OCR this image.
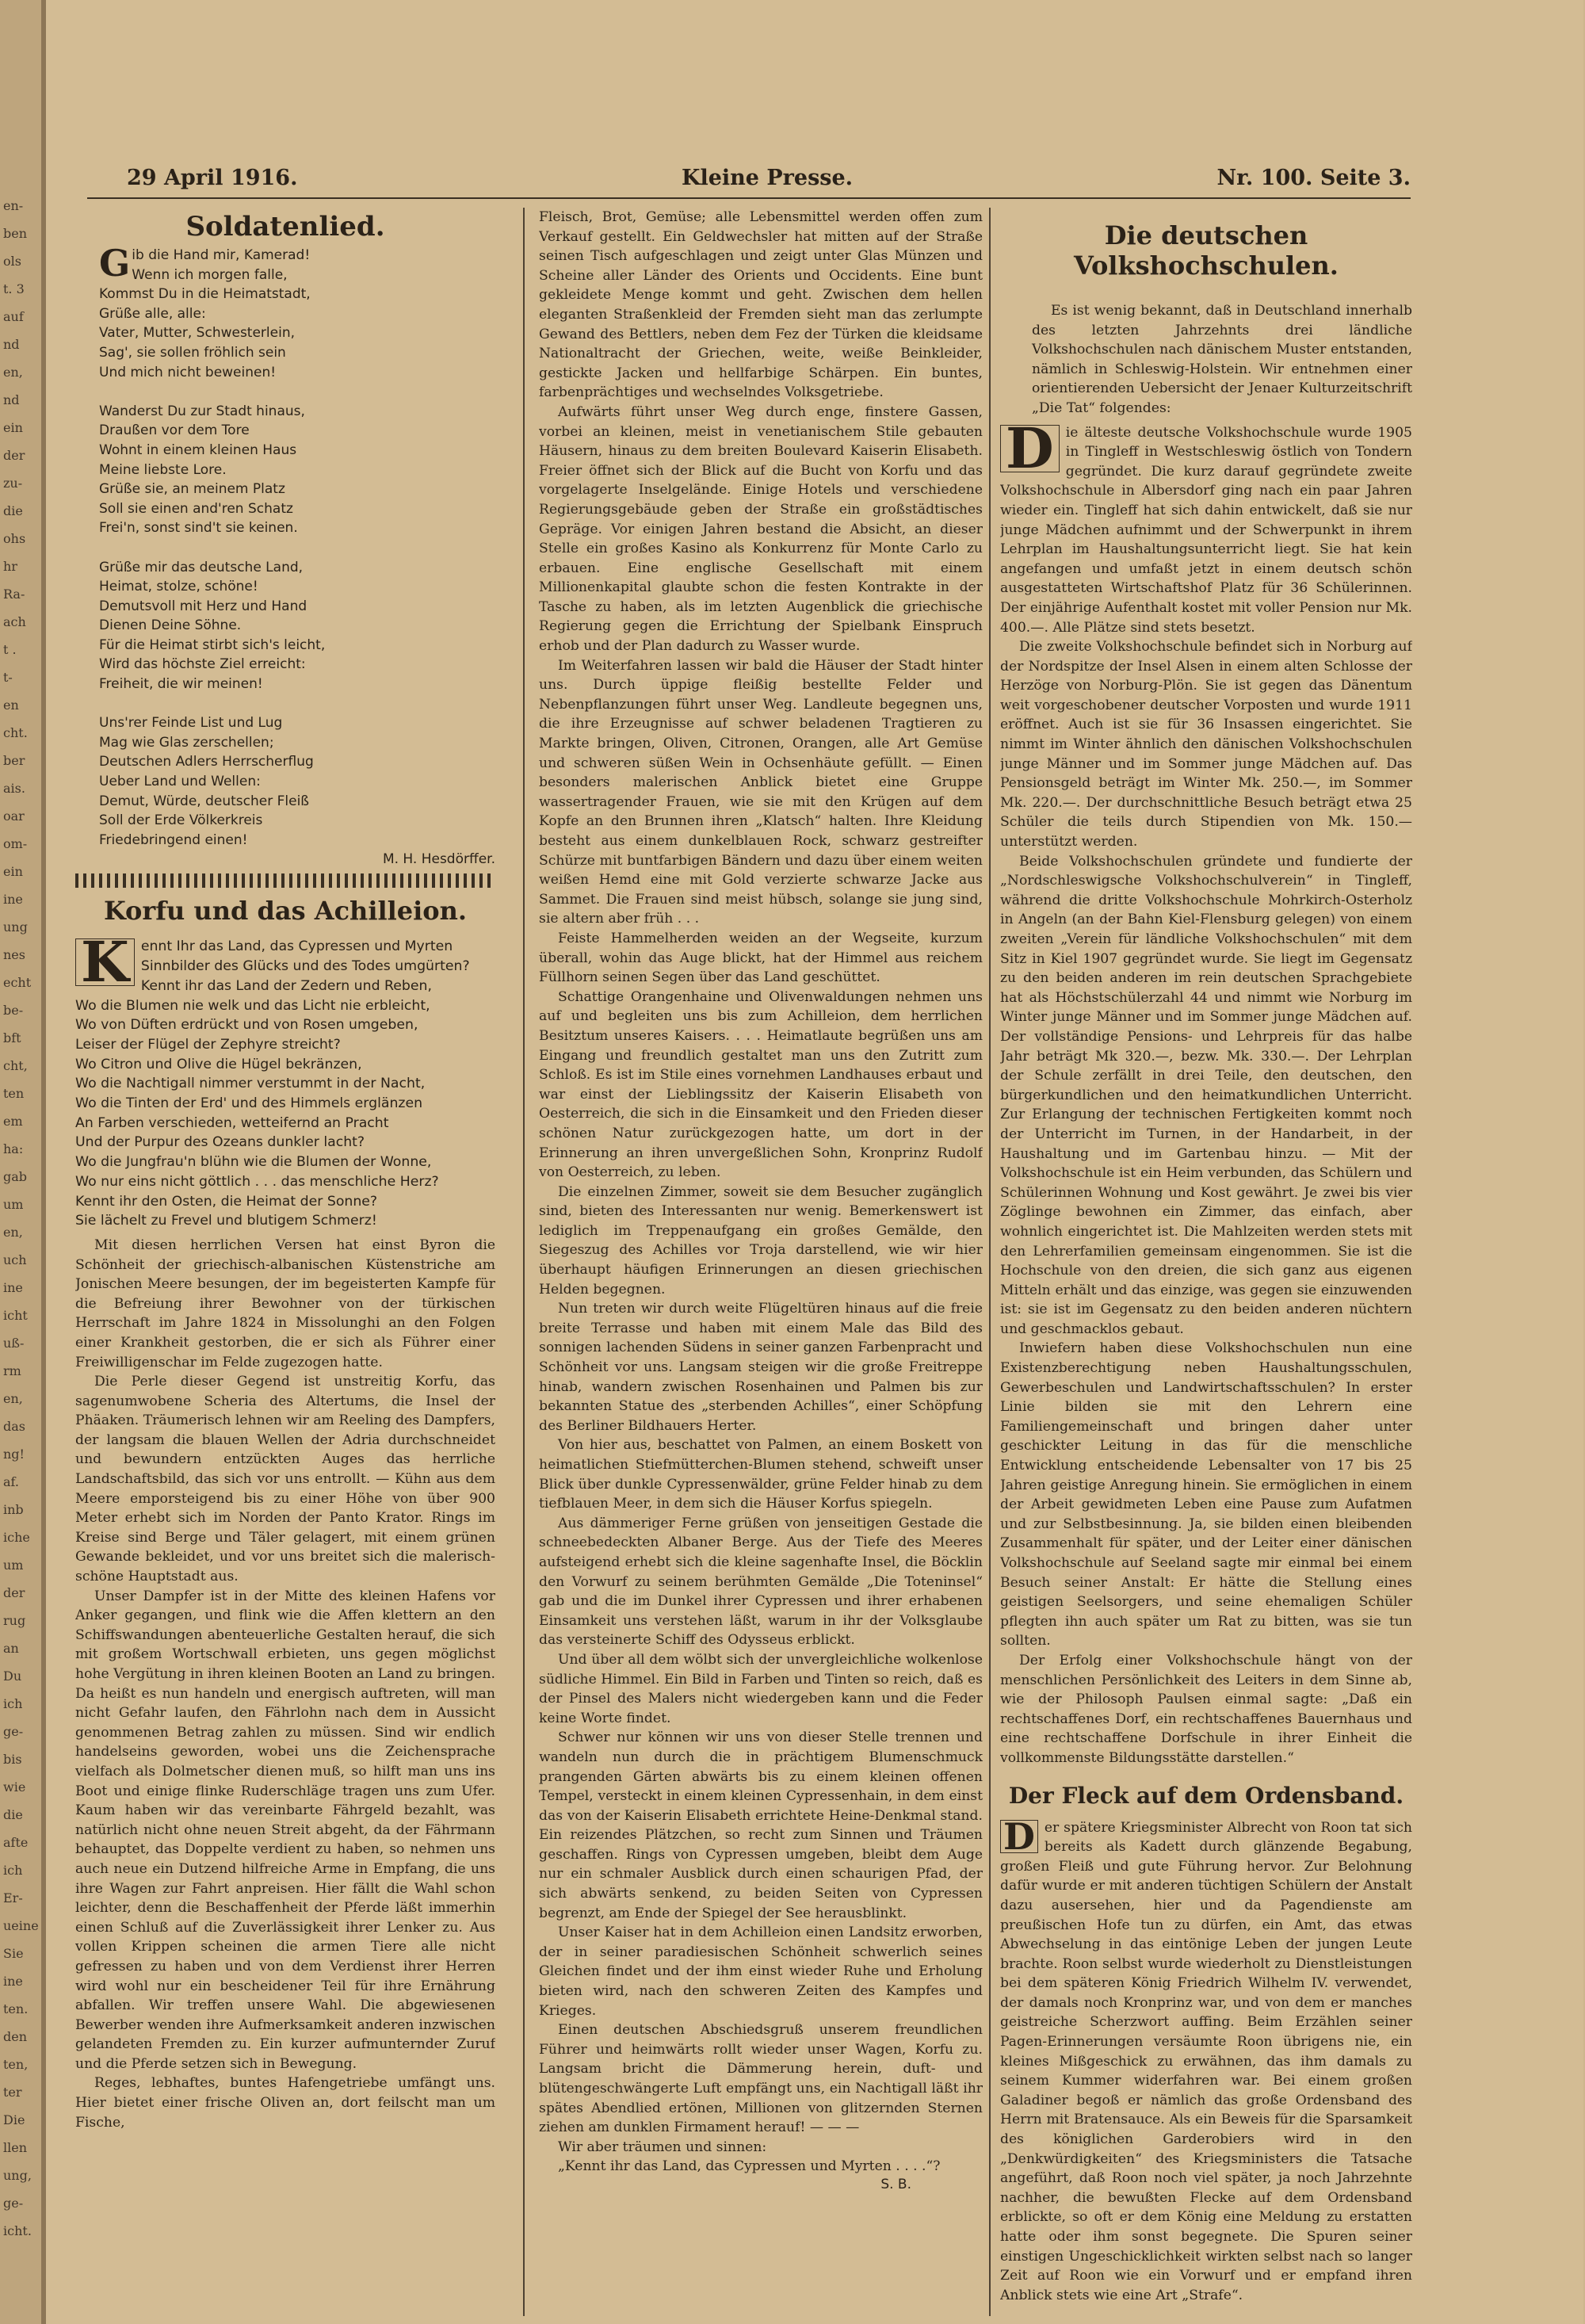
en-
ben
ols
t. 3
auf
nd
en,
nd
ein
der
zu-
die
ohs
hr
Ra-
ach
t .
t-
en
cht.
ber
ais.
oar
om-
ein
ine
ung
nes
echt
be-
bft
cht,
ten
em
ha:
gab
um
en,
uch
ine
icht
uß-
rm
en,
das
ng!
af.
inb
iche
um
der
rug
an
Du
ich
ge-
bis
wie
die
afte
ich
Er-
ueine
Sie
ine
ten.
den
ten,
ter
Die
llen
ung,
ge-
icht.
29 April 1916.	Kleine Presse.	Nr. 100. Seite 3.
Soldatenlied.
G ib die Hand mir, Kamerad!
Wenn ich morgen falle,
Kommst Du in die Heimatstadt,
Grüße alle, alle:
Vater, Mutter, Schwesterlein,
Sag', sie sollen fröhlich sein
Und mich nicht beweinen!

Wanderst Du zur Stadt hinaus,
Draußen vor dem Tore
Wohnt in einem kleinen Haus
Meine liebste Lore.
Grüße sie, an meinem Platz
Soll sie einen and'ren Schatz
Frei'n, sonst sind't sie keinen.

Grüße mir das deutsche Land,
Heimat, stolze, schöne!
Demutsvoll mit Herz und Hand
Dienen Deine Söhne.
Für die Heimat stirbt sich's leicht,
Wird das höchste Ziel erreicht:
Freiheit, die wir meinen!

Uns'rer Feinde List und Lug
Mag wie Glas zerschellen;
Deutschen Adlers Herrscherflug
Ueber Land und Wellen:
Demut, Würde, deutscher Fleiß
Soll der Erde Völkerkreis
Friedebringend einen!
M. H. Hesdörffer.
Korfu und das Achilleion.
K ennt Ihr das Land, das Cypressen und Myrten
Sinnbilder des Glücks und des Todes umgürten?
Kennt ihr das Land der Zedern und Reben,
Wo die Blumen nie welk und das Licht nie erbleicht,
Wo von Düften erdrückt und von Rosen umgeben,
Leiser der Flügel der Zephyre streicht?
Wo Citron und Olive die Hügel bekränzen,
Wo die Nachtigall nimmer verstummt in der Nacht,
Wo die Tinten der Erd' und des Himmels erglänzen
An Farben verschieden, wetteifernd an Pracht
Und der Purpur des Ozeans dunkler lacht?
Wo die Jungfrau'n blühn wie die Blumen der Wonne,
Wo nur eins nicht göttlich . . . das menschliche Herz?
Kennt ihr den Osten, die Heimat der Sonne?
Sie lächelt zu Frevel und blutigem Schmerz!

Mit diesen herrlichen Versen hat einst Byron die Schönheit der griechisch-albanischen Küstenstriche am Jonischen Meere besungen, der im begeisterten Kampfe für die Befreiung ihrer Bewohner von der türkischen Herrschaft im Jahre 1824 in Missolunghi an den Folgen einer Krankheit gestorben, die er sich als Führer einer Freiwilligenschar im Felde zugezogen hatte.

Die Perle dieser Gegend ist unstreitig Korfu, das sagenumwobene Scheria des Altertums, die Insel der Phäaken. Träumerisch lehnen wir am Reeling des Dampfers, der langsam die blauen Wellen der Adria durchschneidet und bewundern entzückten Auges das herrliche Landschaftsbild, das sich vor uns entrollt. — Kühn aus dem Meere emporsteigend bis zu einer Höhe von über 900 Meter erhebt sich im Norden der Panto Krator. Rings im Kreise sind Berge und Täler gelagert, mit einem grünen Gewande bekleidet, und vor uns breitet sich die malerisch-schöne Hauptstadt aus.

Unser Dampfer ist in der Mitte des kleinen Hafens vor Anker gegangen, und flink wie die Affen klettern an den Schiffswandungen abenteuerliche Gestalten herauf, die sich mit großem Wortschwall erbieten, uns gegen möglichst hohe Vergütung in ihren kleinen Booten an Land zu bringen. Da heißt es nun handeln und energisch auftreten, will man nicht Gefahr laufen, den Fährlohn nach dem in Aussicht genommenen Betrag zahlen zu müssen. Sind wir endlich handelseins geworden, wobei uns die Zeichensprache vielfach als Dolmetscher dienen muß, so hilft man uns ins Boot und einige flinke Ruderschläge tragen uns zum Ufer. Kaum haben wir das vereinbarte Fährgeld bezahlt, was natürlich nicht ohne neuen Streit abgeht, da der Fährmann behauptet, das Doppelte verdient zu haben, so nehmen uns auch neue ein Dutzend hilfreiche Arme in Empfang, die uns ihre Wagen zur Fahrt anpreisen. Hier fällt die Wahl schon leichter, denn die Beschaffenheit der Pferde läßt immerhin einen Schluß auf die Zuverlässigkeit ihrer Lenker zu. Aus vollen Krippen scheinen die armen Tiere alle nicht gefressen zu haben und von dem Verdienst ihrer Herren wird wohl nur ein bescheidener Teil für ihre Ernährung abfallen. Wir treffen unsere Wahl. Die abgewiesenen Bewerber wenden ihre Aufmerksamkeit anderen inzwischen gelandeten Fremden zu. Ein kurzer aufmunternder Zuruf und die Pferde setzen sich in Bewegung.

Reges, lebhaftes, buntes Hafengetriebe umfängt uns. Hier bietet einer frische Oliven an, dort feilscht man um Fische,

Fleisch, Brot, Gemüse; alle Lebensmittel werden offen zum Verkauf gestellt. Ein Geldwechsler hat mitten auf der Straße seinen Tisch aufgeschlagen und zeigt unter Glas Münzen und Scheine aller Länder des Orients und Occidents. Eine bunt gekleidete Menge kommt und geht. Zwischen dem hellen eleganten Straßenkleid der Fremden sieht man das zerlumpte Gewand des Bettlers, neben dem Fez der Türken die kleidsame Nationaltracht der Griechen, weite, weiße Beinkleider, gestickte Jacken und hellfarbige Schärpen. Ein buntes, farbenprächtiges und wechselndes Volksgetriebe.

Aufwärts führt unser Weg durch enge, finstere Gassen, vorbei an kleinen, meist in venetianischem Stile gebauten Häusern, hinaus zu dem breiten Boulevard Kaiserin Elisabeth. Freier öffnet sich der Blick auf die Bucht von Korfu und das vorgelagerte Inselgelände. Einige Hotels und verschiedene Regierungsgebäude geben der Straße ein großstädtisches Gepräge. Vor einigen Jahren bestand die Absicht, an dieser Stelle ein großes Kasino als Konkurrenz für Monte Carlo zu erbauen. Eine englische Gesellschaft mit einem Millionenkapital glaubte schon die festen Kontrakte in der Tasche zu haben, als im letzten Augenblick die griechische Regierung gegen die Errichtung der Spielbank Einspruch erhob und der Plan dadurch zu Wasser wurde.

Im Weiterfahren lassen wir bald die Häuser der Stadt hinter uns. Durch üppige fleißig bestellte Felder und Nebenpflanzungen führt unser Weg. Landleute begegnen uns, die ihre Erzeugnisse auf schwer beladenen Tragtieren zu Markte bringen, Oliven, Citronen, Orangen, alle Art Gemüse und schweren süßen Wein in Ochsenhäute gefüllt. — Einen besonders malerischen Anblick bietet eine Gruppe wassertragender Frauen, wie sie mit den Krügen auf dem Kopfe an den Brunnen ihren „Klatsch“ halten. Ihre Kleidung besteht aus einem dunkelblauen Rock, schwarz gestreifter Schürze mit buntfarbigen Bändern und dazu über einem weiten weißen Hemd eine mit Gold verzierte schwarze Jacke aus Sammet. Die Frauen sind meist hübsch, solange sie jung sind, sie altern aber früh . . .

Feiste Hammelherden weiden an der Wegseite, kurzum überall, wohin das Auge blickt, hat der Himmel aus reichem Füllhorn seinen Segen über das Land geschüttet.

Schattige Orangenhaine und Olivenwaldungen nehmen uns auf und begleiten uns bis zum Achilleion, dem herrlichen Besitztum unseres Kaisers. . . . Heimatlaute begrüßen uns am Eingang und freundlich gestaltet man uns den Zutritt zum Schloß. Es ist im Stile eines vornehmen Landhauses erbaut und war einst der Lieblingssitz der Kaiserin Elisabeth von Oesterreich, die sich in die Einsamkeit und den Frieden dieser schönen Natur zurückgezogen hatte, um dort in der Erinnerung an ihren unvergeßlichen Sohn, Kronprinz Rudolf von Oesterreich, zu leben.

Die einzelnen Zimmer, soweit sie dem Besucher zugänglich sind, bieten des Interessanten nur wenig. Bemerkenswert ist lediglich im Treppenaufgang ein großes Gemälde, den Siegeszug des Achilles vor Troja darstellend, wie wir hier überhaupt häufigen Erinnerungen an diesen griechischen Helden begegnen.

Nun treten wir durch weite Flügeltüren hinaus auf die freie breite Terrasse und haben mit einem Male das Bild des sonnigen lachenden Südens in seiner ganzen Farbenpracht und Schönheit vor uns. Langsam steigen wir die große Freitreppe hinab, wandern zwischen Rosenhainen und Palmen bis zur bekannten Statue des „sterbenden Achilles“, einer Schöpfung des Berliner Bildhauers Herter.

Von hier aus, beschattet von Palmen, an einem Boskett von heimatlichen Stiefmütterchen-Blumen stehend, schweift unser Blick über dunkle Cypressenwälder, grüne Felder hinab zu dem tiefblauen Meer, in dem sich die Häuser Korfus spiegeln.

Aus dämmeriger Ferne grüßen von jenseitigen Gestade die schneebedeckten Albaner Berge. Aus der Tiefe des Meeres aufsteigend erhebt sich die kleine sagenhafte Insel, die Böcklin den Vorwurf zu seinem berühmten Gemälde „Die Toteninsel“ gab und die im Dunkel ihrer Cypressen und ihrer erhabenen Einsamkeit uns verstehen läßt, warum in ihr der Volksglaube das versteinerte Schiff des Odysseus erblickt.

Und über all dem wölbt sich der unvergleichliche wolkenlose südliche Himmel. Ein Bild in Farben und Tinten so reich, daß es der Pinsel des Malers nicht wiedergeben kann und die Feder keine Worte findet.

Schwer nur können wir uns von dieser Stelle trennen und wandeln nun durch die in prächtigem Blumenschmuck prangenden Gärten abwärts bis zu einem kleinen offenen Tempel, versteckt in einem kleinen Cypressenhain, in dem einst das von der Kaiserin Elisabeth errichtete Heine-Denkmal stand. Ein reizendes Plätzchen, so recht zum Sinnen und Träumen geschaffen. Rings von Cypressen umgeben, bleibt dem Auge nur ein schmaler Ausblick durch einen schaurigen Pfad, der sich abwärts senkend, zu beiden Seiten von Cypressen begrenzt, am Ende der Spiegel der See herausblinkt.

Unser Kaiser hat in dem Achilleion einen Landsitz erworben, der in seiner paradiesischen Schönheit schwerlich seines Gleichen findet und der ihm einst wieder Ruhe und Erholung bieten wird, nach den schweren Zeiten des Kampfes und Krieges.

Einen deutschen Abschiedsgruß unserem freundlichen Führer und heimwärts rollt wieder unser Wagen, Korfu zu. Langsam bricht die Dämmerung herein, duft- und blütengeschwängerte Luft empfängt uns, ein Nachtigall läßt ihr spätes Abendlied ertönen, Millionen von glitzernden Sternen ziehen am dunklen Firmament herauf! — — —

Wir aber träumen und sinnen:

„Kennt ihr das Land, das Cypressen und Myrten . . . .“?

S. B.
Die deutschen Volkshochschulen.

Es ist wenig bekannt, daß in Deutschland innerhalb des letzten Jahrzehnts drei ländliche Volkshochschulen nach dänischem Muster entstanden, nämlich in Schleswig-Holstein. Wir entnehmen einer orientierenden Uebersicht der Jenaer Kulturzeitschrift „Die Tat“ folgendes:

D ie älteste deutsche Volkshochschule wurde 1905 in Tingleff in Westschleswig östlich von Tondern gegründet. Die kurz darauf gegründete zweite Volkshochschule in Albersdorf ging nach ein paar Jahren wieder ein. Tingleff hat sich dahin entwickelt, daß sie nur junge Mädchen aufnimmt und der Schwerpunkt in ihrem Lehrplan im Haushaltungsunterricht liegt. Sie hat kein angefangen und umfaßt jetzt in einem deutsch schön ausgestatteten Wirtschaftshof Platz für 36 Schülerinnen. Der einjährige Aufenthalt kostet mit voller Pension nur Mk. 400.—. Alle Plätze sind stets besetzt.

Die zweite Volkshochschule befindet sich in Norburg auf der Nordspitze der Insel Alsen in einem alten Schlosse der Herzöge von Norburg-Plön. Sie ist gegen das Dänentum weit vorgeschobener deutscher Vorposten und wurde 1911 eröffnet. Auch ist sie für 36 Insassen eingerichtet. Sie nimmt im Winter ähnlich den dänischen Volkshochschulen junge Männer und im Sommer junge Mädchen auf. Das Pensionsgeld beträgt im Winter Mk. 250.—, im Sommer Mk. 220.—. Der durchschnittliche Besuch beträgt etwa 25 Schüler die teils durch Stipendien von Mk. 150.— unterstützt werden.

Beide Volkshochschulen gründete und fundierte der „Nordschleswigsche Volkshochschulverein“ in Tingleff, während die dritte Volkshochschule Mohrkirch-Osterholz in Angeln (an der Bahn Kiel-Flensburg gelegen) von einem zweiten „Verein für ländliche Volkshochschulen“ mit dem Sitz in Kiel 1907 gegründet wurde. Sie liegt im Gegensatz zu den beiden anderen im rein deutschen Sprachgebiete hat als Höchstschülerzahl 44 und nimmt wie Norburg im Winter junge Männer und im Sommer junge Mädchen auf. Der vollständige Pensions- und Lehrpreis für das halbe Jahr beträgt Mk 320.—, bezw. Mk. 330.—. Der Lehrplan der Schule zerfällt in drei Teile, den deutschen, den bürgerkundlichen und den heimatkundlichen Unterricht. Zur Erlangung der technischen Fertigkeiten kommt noch der Unterricht im Turnen, in der Handarbeit, in der Haushaltung und im Gartenbau hinzu. — Mit der Volkshochschule ist ein Heim verbunden, das Schülern und Schülerinnen Wohnung und Kost gewährt. Je zwei bis vier Zöglinge bewohnen ein Zimmer, das einfach, aber wohnlich eingerichtet ist. Die Mahlzeiten werden stets mit den Lehrerfamilien gemeinsam eingenommen. Sie ist die Hochschule von den dreien, die sich ganz aus eigenen Mitteln erhält und das einzige, was gegen sie einzuwenden ist: sie ist im Gegensatz zu den beiden anderen nüchtern und geschmacklos gebaut.

Inwiefern haben diese Volkshochschulen nun eine Existenzberechtigung neben Haushaltungsschulen, Gewerbeschulen und Landwirtschaftsschulen? In erster Linie bilden sie mit den Lehrern eine Familiengemeinschaft und bringen daher unter geschickter Leitung in das für die menschliche Entwicklung entscheidende Lebensalter von 17 bis 25 Jahren geistige Anregung hinein. Sie ermöglichen in einem der Arbeit gewidmeten Leben eine Pause zum Aufatmen und zur Selbstbesinnung. Ja, sie bilden einen bleibenden Zusammenhalt für später, und der Leiter einer dänischen Volkshochschule auf Seeland sagte mir einmal bei einem Besuch seiner Anstalt: Er hätte die Stellung eines geistigen Seelsorgers, und seine ehemaligen Schüler pflegten ihn auch später um Rat zu bitten, was sie tun sollten.

Der Erfolg einer Volkshochschule hängt von der menschlichen Persönlichkeit des Leiters in dem Sinne ab, wie der Philosoph Paulsen einmal sagte: „Daß ein rechtschaffenes Dorf, ein rechtschaffenes Bauernhaus und eine rechtschaffene Dorfschule in ihrer Einheit die vollkommenste Bildungsstätte darstellen.“

Der Fleck auf dem Ordensband.
D er spätere Kriegsminister Albrecht von Roon tat sich bereits als Kadett durch glänzende Begabung, großen Fleiß und gute Führung hervor. Zur Belohnung dafür wurde er mit anderen tüchtigen Schülern der Anstalt dazu ausersehen, hier und da Pagendienste am preußischen Hofe tun zu dürfen, ein Amt, das etwas Abwechselung in das eintönige Leben der jungen Leute brachte. Roon selbst wurde wiederholt zu Dienstleistungen bei dem späteren König Friedrich Wilhelm IV. verwendet, der damals noch Kronprinz war, und von dem er manches geistreiche Scherzwort auffing. Beim Erzählen seiner Pagen-Erinnerungen versäumte Roon übrigens nie, ein kleines Mißgeschick zu erwähnen, das ihm damals zu seinem Kummer widerfahren war. Bei einem großen Galadiner begoß er nämlich das große Ordensband des Herrn mit Bratensauce. Als ein Beweis für die Sparsamkeit des königlichen Garderobiers wird in den „Denkwürdigkeiten“ des Kriegsministers die Tatsache angeführt, daß Roon noch viel später, ja noch Jahrzehnte nachher, die bewußten Flecke auf dem Ordensband erblickte, so oft er dem König eine Meldung zu erstatten hatte oder ihm sonst begegnete. Die Spuren seiner einstigen Ungeschicklichkeit wirkten selbst nach so langer Zeit auf Roon wie ein Vorwurf und er empfand ihren Anblick stets wie eine Art „Strafe“.
